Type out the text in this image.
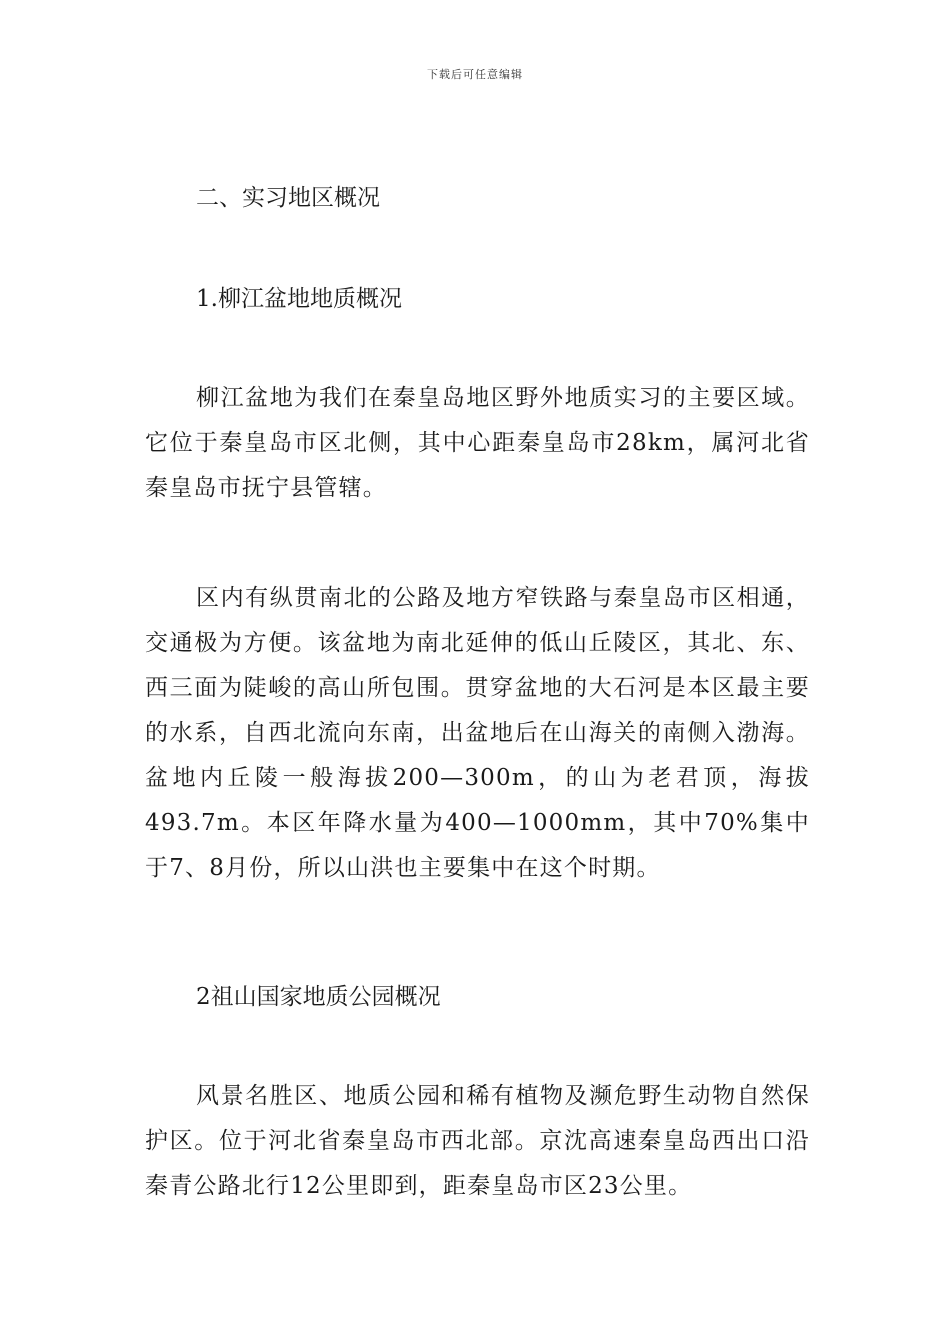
下载后可任意编辑
二、实习地区概况
1.柳江盆地地质概况

柳江盆地为我们在秦皇岛地区野外地质实习的主要区域。它位于秦皇岛市区北侧，其中心距秦皇岛市28km，属河北省秦皇岛市抚宁县管辖。

区内有纵贯南北的公路及地方窄铁路与秦皇岛市区相通，交通极为方便。该盆地为南北延伸的低山丘陵区，其北、东、西三面为陡峻的高山所包围。贯穿盆地的大石河是本区最主要的水系，自西北流向东南，出盆地后在山海关的南侧入渤海。盆地内丘陵一般海拔200—300m，的山为老君顶，海拔493.7m。本区年降水量为400—1000mm，其中70%集中于7、8月份，所以山洪也主要集中在这个时期。

2祖山国家地质公园概况

风景名胜区、地质公园和稀有植物及濒危野生动物自然保护区。位于河北省秦皇岛市西北部。京沈高速秦皇岛西出口沿秦青公路北行12公里即到，距秦皇岛市区23公里。
